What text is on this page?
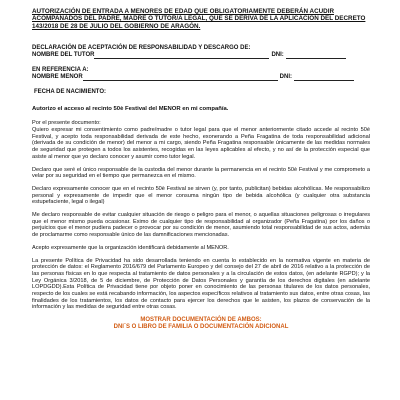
AUTORIZACIÓN DE ENTRADA A MENORES DE EDAD QUE OBLIGATORIAMENTE DEBERÁN ACUDIR ACOMPAÑADOS DEL PADRE, MADRE O TUTOR/A LEGAL, QUE SE DERIVA DE LA APLICACIÓN DEL DECRETO 143/2018 DE 28 DE JULIO DEL GOBIERNO DE ARAGÓN.
DECLARACIÓN DE ACEPTACIÓN DE RESPONSABILIDAD Y DESCARGO DE:
NOMBRE DEL TUTOR	DNI:
EN REFERENCIA A:
NOMBRE MENOR	DNI:
FECHA DE NACIMIENTO:
Autorizo el acceso al recinto 50è Festival del MENOR en mi compañía.

Por el presente documento:

Quiero expresar mi consentimiento como padre/madre o tutor legal para que el menor anteriormente citado accede al recinto 50é Festival, y acepto toda responsabilidad derivada de este hecho, exonerando a Peña Fragatina de toda responsabilidad adicional (derivada de su condición de menor) del menor a mi cargo, siendo Peña Fragatina responsable únicamente de las medidas normales de seguridad que protegen a todos los asistentes, recogidas en las leyes aplicables al efecto, y no así de la protección especial que asiste al menor que yo declaro conocer y asumir como tutor legal.

Declaro que seré el único responsable de la custodia del menor durante la permanencia en el recinto 50è Festival y me comprometo a velar por su seguridad en el tiempo que permanezca en el mismo.

Declaro expresamente conocer que en el recinto 50è Festival se sirven (y, por tanto, publicitan) bebidas alcohólicas. Me responsabilizo personal y expresamente de impedir que el menor consuma ningún tipo de bebida alcohólica (y cualquier otra substancia estupefaciente, legal o ilegal)

Me declaro responsable de evitar cualquier situación de riesgo o peligro para el menor, o aquellas situaciones peligrosas o irregulares que el menor mismo pueda ocasionar. Eximo de cualquier tipo de responsabilidad al organizador (Peña Fragatina) por los daños o perjuicios que el menor pudiera padecer o provocar por su condición de menor, asumiendo total responsabilidad de sus actos, además de proclamarme como responsable único de las damnificaciones mencionadas.

Acepto expresamente que la organización identificará debidamente al MENOR.

La presente Política de Privacidad ha sido desarrollada teniendo en cuenta lo establecido en la normativa vigente en materia de protección de datos: el Reglamento 2016/679 del Parlamento Europeo y del consejo del 27 de abril de 2016 relativo a la protección de las personas físicas en lo que respecta al tratamiento de datos personales y a la circulación de estos datos, (en adelante RGPD); y la Ley Orgánica 3/2018, de 5 de diciembre, de Protección de Datos Personales y garantía de los derechos digitales (en adelante LOPDGDD).Esta Política de Privacidad tiene por objeto poner en conocimiento de las personas titulares de los datos personales, respecto de los cuales se está recabando información, los aspectos específicos relativos al tratamiento sus datos, entre otras cosas, las finalidades de los tratamientos, los datos de contacto para ejercer los derechos que le asisten, los plazos de conservación de la información y las medidas de seguridad entre otras cosas.

MOSTRAR DOCUMENTACIÓN DE AMBOS:
DNI´S O LIBRO DE FAMILIA O DOCUMENTACIÓN ADICIONAL
